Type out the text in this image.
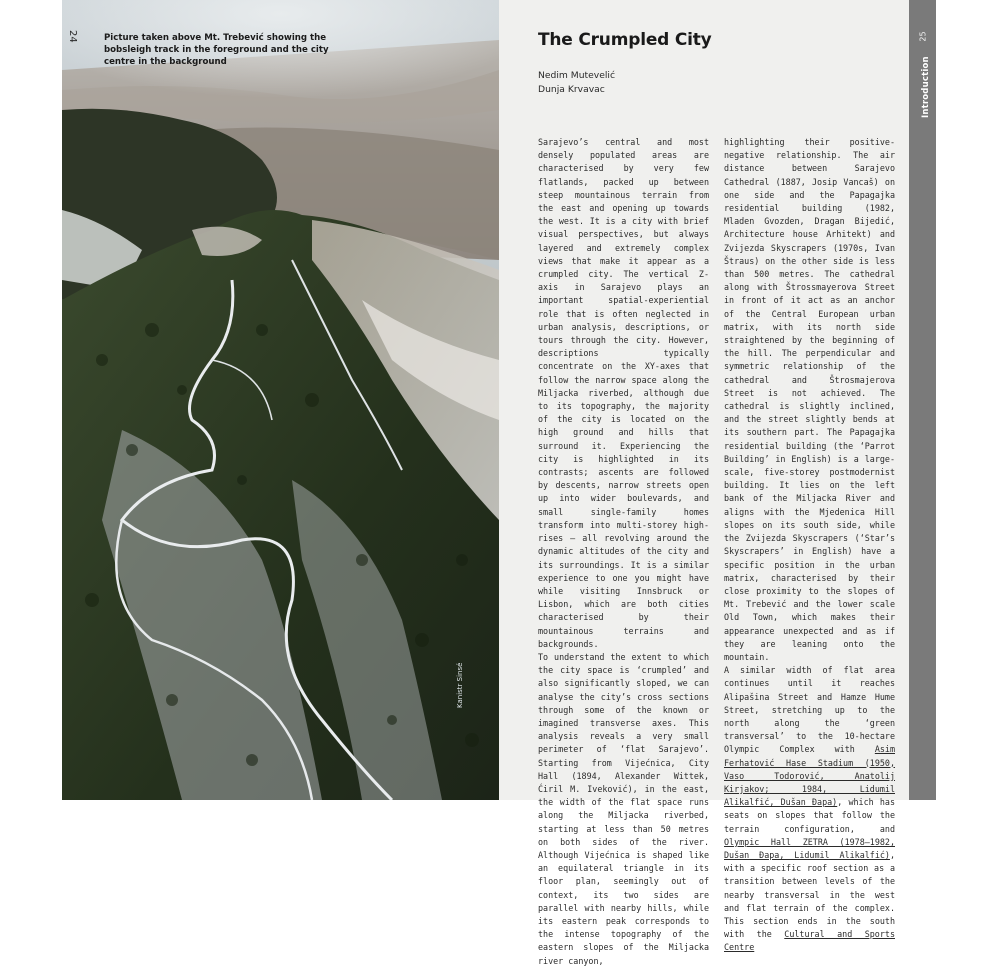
24	Picture taken above Mt. Trebević showing the bobsleigh track in the foreground and the city centre in the background
Kanistr Sinsé
25
Introduction
The Crumpled City
Nedim Mutevelić
Dunja Krvavac

Sarajevo’s central and most densely populated areas are characterised by very few flatlands, packed up between steep mountainous terrain from the east and opening up towards the west. It is a city with brief visual perspectives, but always layered and extremely complex views that make it appear as a crumpled city. The vertical Z-axis in Sarajevo plays an important spatial-experiential role that is often neglected in urban analysis, descriptions, or tours through the city. However, descriptions typically concentrate on the XY-axes that follow the narrow space along the Miljacka riverbed, although due to its topography, the majority of the city is located on the high ground and hills that surround it. Experiencing the city is highlighted in its contrasts; ascents are followed by descents, narrow streets open up into wider boulevards, and small single-family homes transform into multi-storey high-rises – all revolving around the dynamic altitudes of the city and its surroundings. It is a similar experience to one you might have while visiting Innsbruck or Lisbon, which are both cities characterised by their mountainous terrains and backgrounds.

To understand the extent to which the city space is ‘crumpled’ and also significantly sloped, we can analyse the city’s cross sections through some of the known or imagined transverse axes. This analysis reveals a very small perimeter of ‘flat Sarajevo’. Starting from Vijećnica, City Hall (1894, Alexander Wittek, Ćiril M. Iveković), in the east, the width of the flat space runs along the Miljacka riverbed, starting at less than 50 metres on both sides of the river. Although Vijećnica is shaped like an equilateral triangle in its floor plan, seemingly out of context, its two sides are parallel with nearby hills, while its eastern peak corresponds to the intense topography of the eastern slopes of the Miljacka river canyon,

highlighting their positive-negative relationship. The air distance between Sarajevo Cathedral (1887, Josip Vancaš) on one side and the Papagajka residential building (1982, Mladen Gvozden, Dragan Bijedić, Architecture house Arhitekt) and Zvijezda Skyscrapers (1970s, Ivan Štraus) on the other side is less than 500 metres. The cathedral along with Štrossmayerova Street in front of it act as an anchor of the Central European urban matrix, with its north side straightened by the beginning of the hill. The perpendicular and symmetric relationship of the cathedral and Štrosmajerova Street is not achieved. The cathedral is slightly inclined, and the street slightly bends at its southern part. The Papagajka residential building (the ‘Parrot Building’ in English) is a large-scale, five-storey postmodernist building. It lies on the left bank of the Miljacka River and aligns with the Mjedenica Hill slopes on its south side, while the Zvijezda Skyscrapers (‘Star’s Skyscrapers’ in English) have a specific position in the urban matrix, characterised by their close proximity to the slopes of Mt. Trebević and the lower scale Old Town, which makes their appearance unexpected and as if they are leaning onto the mountain.

A similar width of flat area continues until it reaches Alipašina Street and Hamze Hume Street, stretching up to the north along the ‘green transversal’ to the 10-hectare Olympic Complex with Asim Ferhatović Hase Stadium (1950, Vaso Todorović, Anatolij Kirjakov; 1984, Lidumil Alikalfić, Dušan Đapa), which has seats on slopes that follow the terrain configuration, and Olympic Hall ZETRA (1978–1982, Dušan Đapa, Lidumil Alikalfić), with a specific roof section as a transition between levels of the nearby transversal in the west and flat terrain of the complex. This section ends in the south with the Cultural and Sports Centre
